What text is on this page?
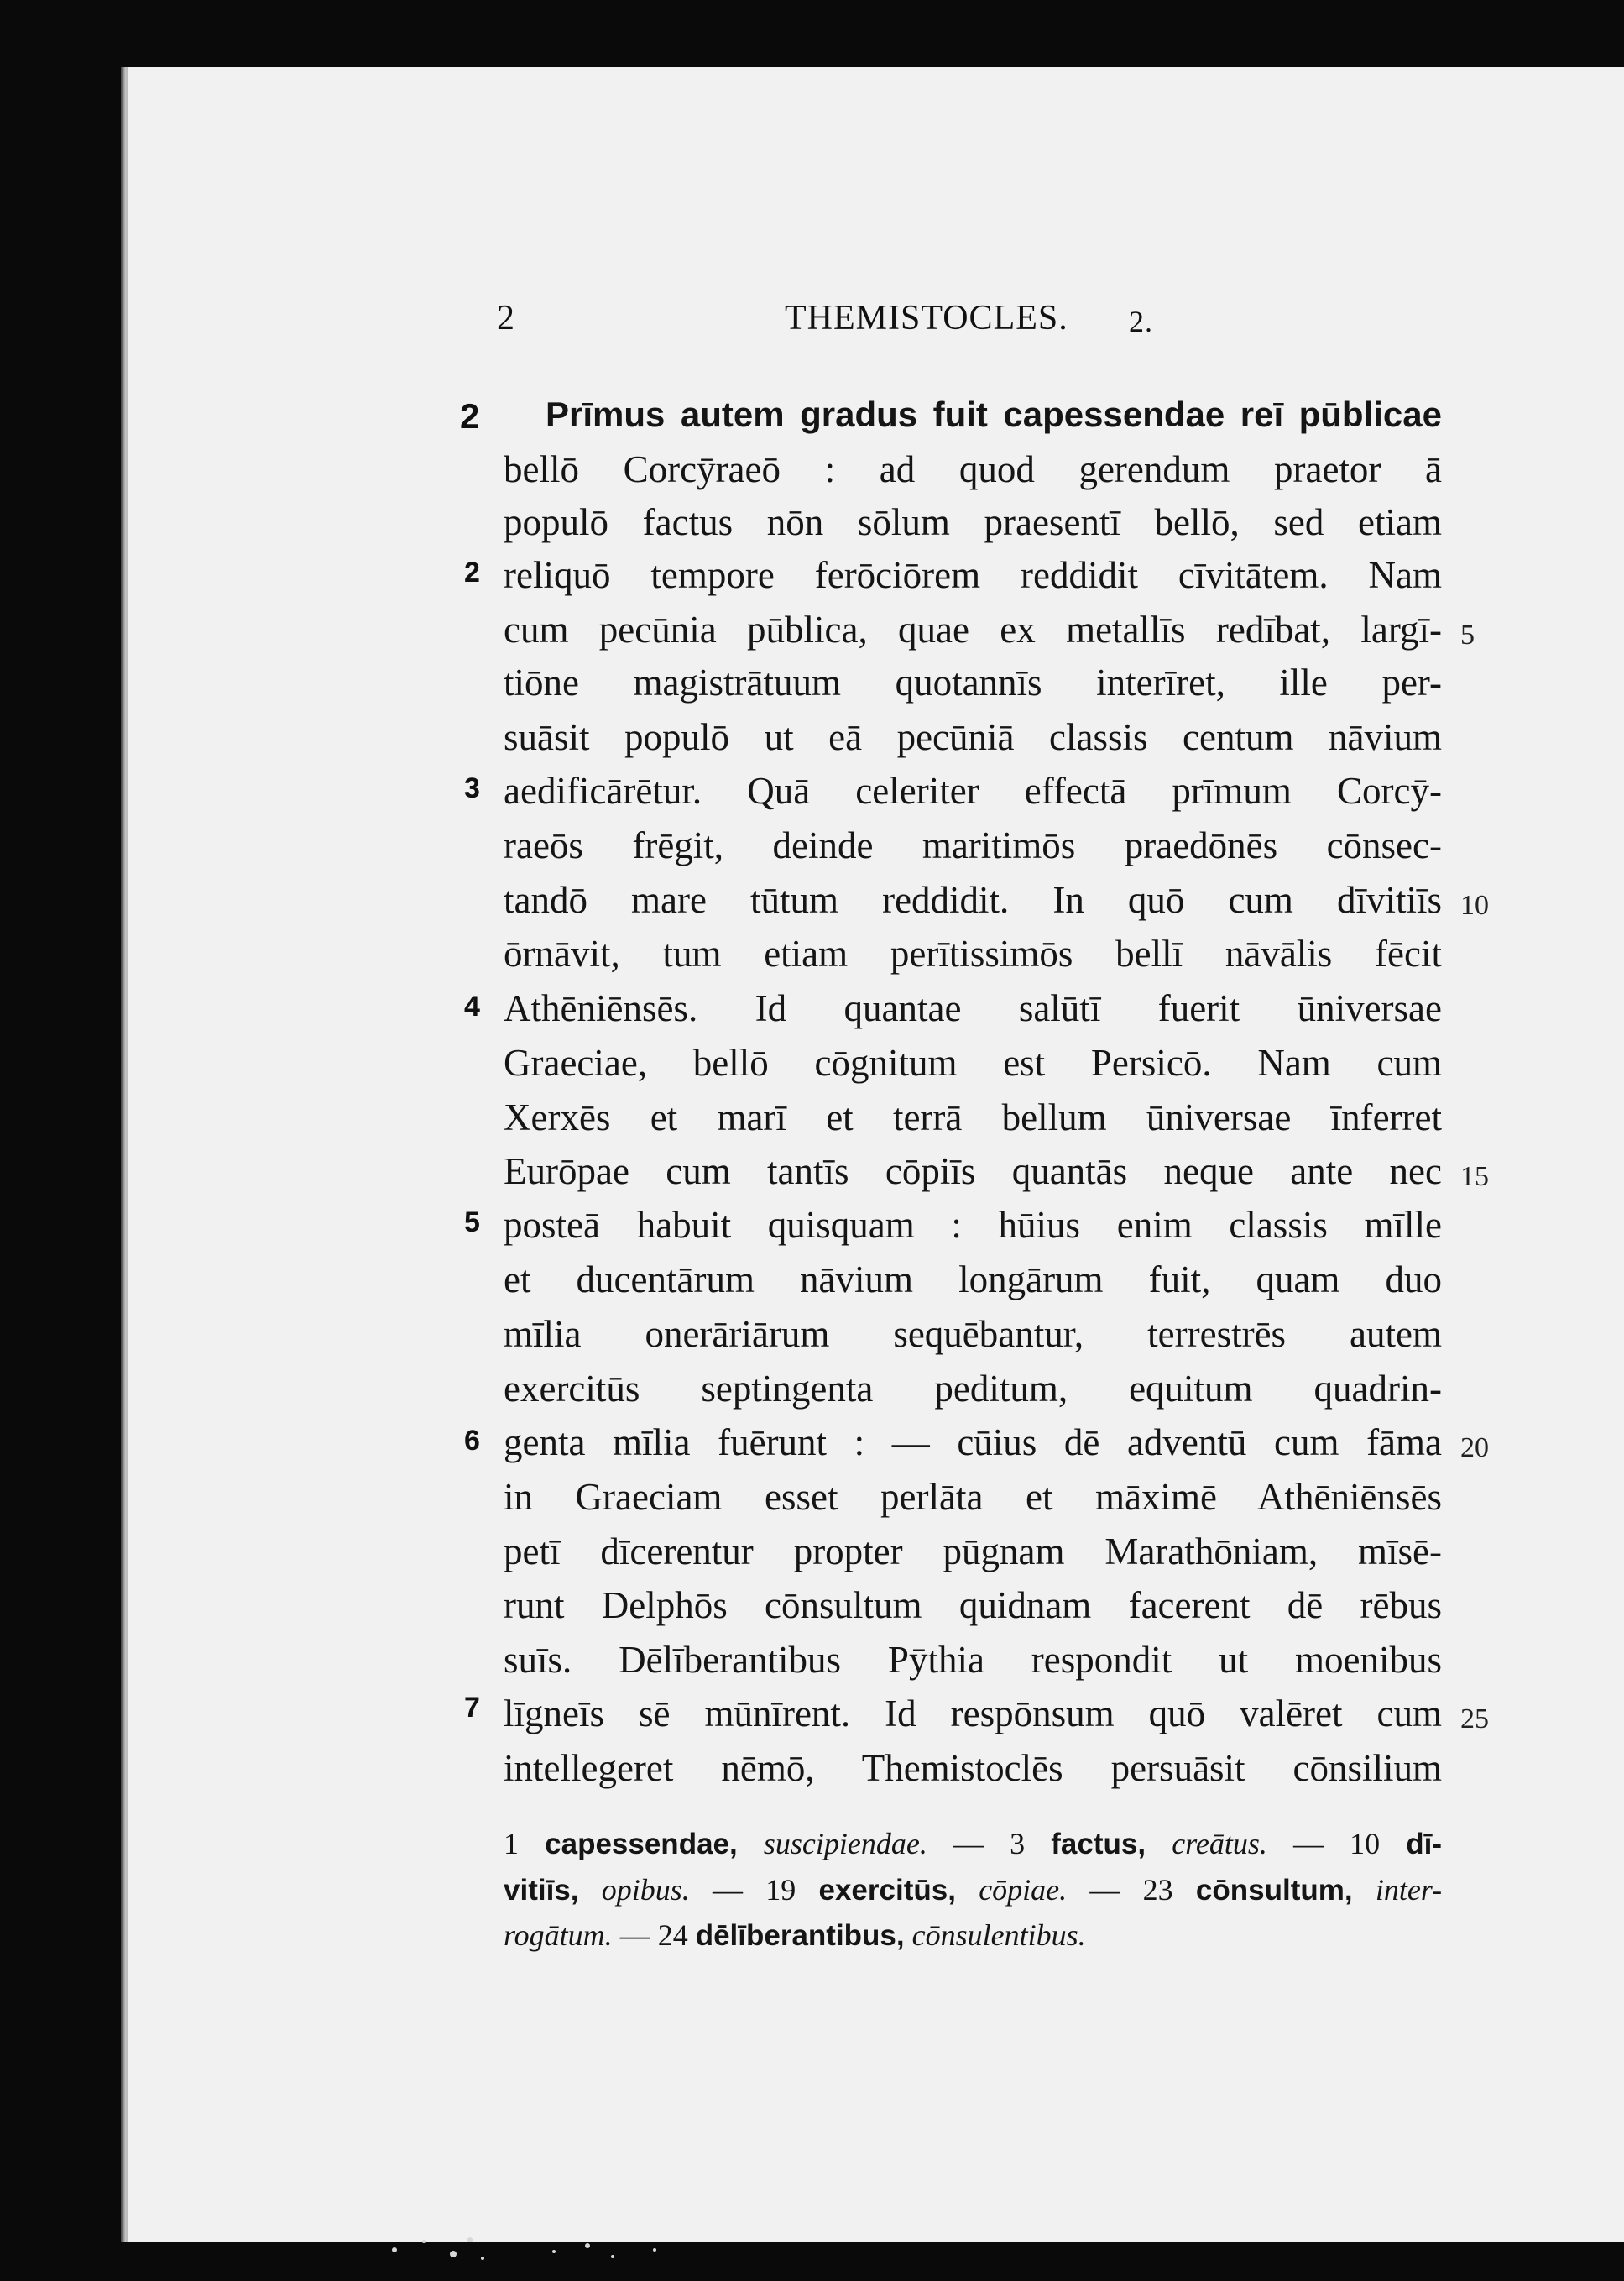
2	THEMISTOCLES. 2.
2
2
3
4
5
6
7
Prīmus autem gradus fuit capessendae reī pūblicae
bellō Corcȳraeō : ad quod gerendum praetor ā
populō factus nōn sōlum praesentī bellō, sed etiam
reliquō tempore ferōciōrem reddidit cīvitātem. Nam
cum pecūnia pūblica, quae ex metallīs redībat, largī-
tiōne magistrātuum quotannīs interīret, ille per-
suāsit populō ut eā pecūniā classis centum nāvium
aedificārētur. Quā celeriter effectā prīmum Corcȳ-
raeōs frēgit, deinde maritimōs praedōnēs cōnsec-
tandō mare tūtum reddidit. In quō cum dīvitiīs
ōrnāvit, tum etiam perītissimōs bellī nāvālis fēcit
Athēniēnsēs. Id quantae salūtī fuerit ūniversae
Graeciae, bellō cōgnitum est Persicō. Nam cum
Xerxēs et marī et terrā bellum ūniversae īnferret
Eurōpae cum tantīs cōpiīs quantās neque ante nec
posteā habuit quisquam : hūius enim classis mīlle
et ducentārum nāvium longārum fuit, quam duo
mīlia onerāriārum sequēbantur, terrestrēs autem
exercitūs septingenta peditum, equitum quadrin-
genta mīlia fuērunt : — cūius dē adventū cum fāma
in Graeciam esset perlāta et māximē Athēniēnsēs
petī dīcerentur propter pūgnam Marathōniam, mīsē-
runt Delphōs cōnsultum quidnam facerent dē rēbus
suīs. Dēlīberantibus Pȳthia respondit ut moenibus
līgneīs sē mūnīrent. Id respōnsum quō valēret cum
intellegeret nēmō, Themistoclēs persuāsit cōnsilium
5
10
15
20
25
1 capessendae, suscipiendae. — 3 factus, creātus. — 10 dī-
vitiīs, opibus. — 19 exercitūs, cōpiae. — 23 cōnsultum, inter-
rogātum. — 24 dēlīberantibus, cōnsulentibus.
